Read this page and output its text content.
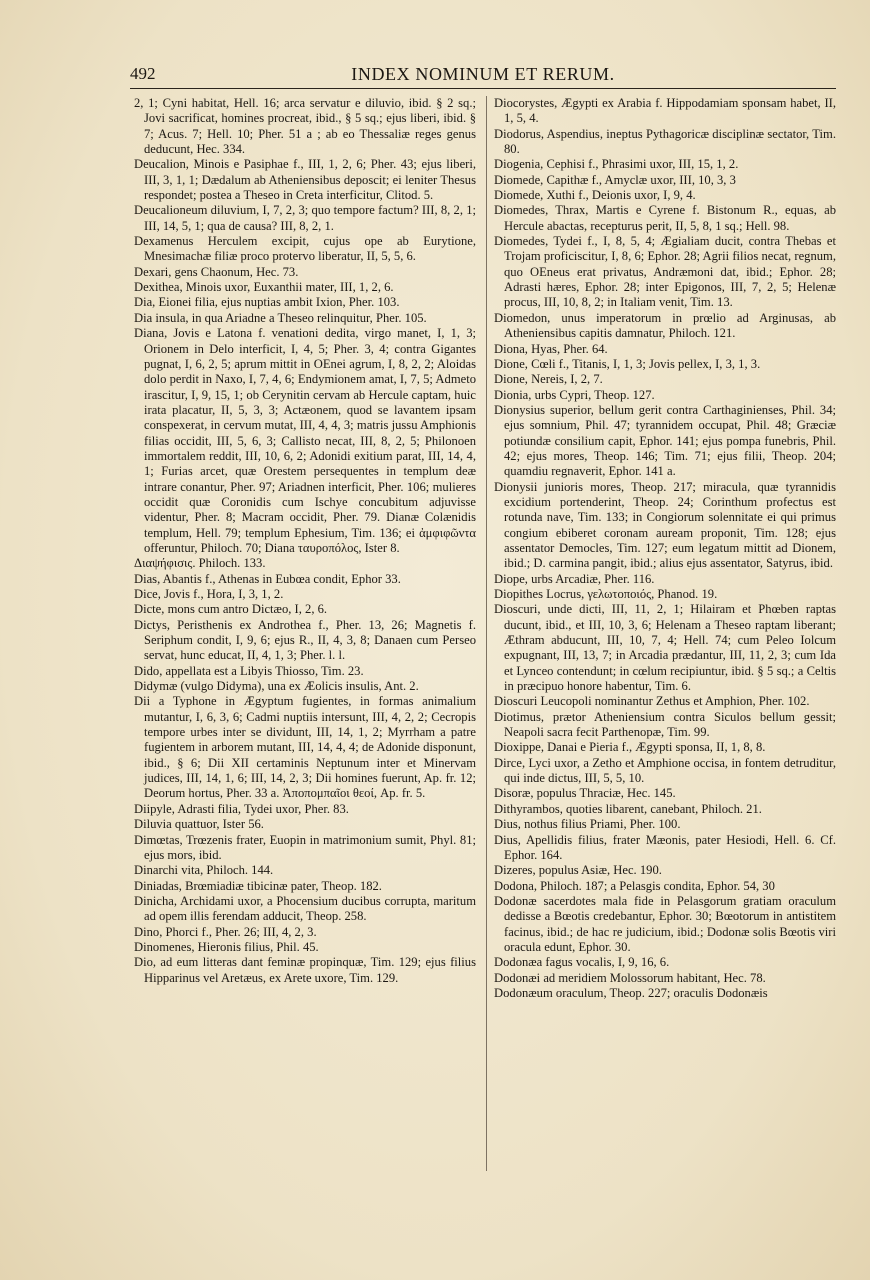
492	INDEX NOMINUM ET RERUM.

2, 1; Cyni habitat, Hell. 16; arca servatur e diluvio, ibid. § 2 sq.; Jovi sacrificat, homines procreat, ibid., § 5 sq.; ejus liberi, ibid. § 7; Acus. 7; Hell. 10; Pher. 51 a ; ab eo Thessaliæ reges genus deducunt, Hec. 334.

Deucalion, Minois e Pasiphae f., III, 1, 2, 6; Pher. 43; ejus liberi, III, 3, 1, 1; Dædalum ab Atheniensibus deposcit; ei leniter Thesus respondet; postea a Theseo in Creta interficitur, Clitod. 5.

Deucalioneum diluvium, I, 7, 2, 3; quo tempore factum? III, 8, 2, 1; III, 14, 5, 1; qua de causa? III, 8, 2, 1.

Dexamenus Herculem excipit, cujus ope ab Eurytione, Mnesimachæ filiæ proco protervo liberatur, II, 5, 5, 6.

Dexari, gens Chaonum, Hec. 73.

Dexithea, Minois uxor, Euxanthii mater, III, 1, 2, 6.

Dia, Eionei filia, ejus nuptias ambit Ixion, Pher. 103.

Dia insula, in qua Ariadne a Theseo relinquitur, Pher. 105.

Diana, Jovis e Latona f. venationi dedita, virgo manet, I, 1, 3; Orionem in Delo interficit, I, 4, 5; Pher. 3, 4; contra Gigantes pugnat, I, 6, 2, 5; aprum mittit in OEnei agrum, I, 8, 2, 2; Aloidas dolo perdit in Naxo, I, 7, 4, 6; Endymionem amat, I, 7, 5; Admeto irascitur, I, 9, 15, 1; ob Cerynitin cervam ab Hercule captam, huic irata placatur, II, 5, 3, 3; Actæonem, quod se lavantem ipsam conspexerat, in cervum mutat, III, 4, 4, 3; matris jussu Amphionis filias occidit, III, 5, 6, 3; Callisto necat, III, 8, 2, 5; Philonoen immortalem reddit, III, 10, 6, 2; Adonidi exitium parat, III, 14, 4, 1; Furias arcet, quæ Orestem persequentes in templum deæ intrare conantur, Pher. 97; Ariadnen interficit, Pher. 106; mulieres occidit quæ Coronidis cum Ischye concubitum adjuvisse videntur, Pher. 8; Macram occidit, Pher. 79. Dianæ Colænidis templum, Hell. 79; templum Ephesium, Tim. 136; ei ἀμφιφῶντα offeruntur, Philoch. 70; Diana ταυροπόλος, Ister 8.

Διαψήφισις. Philoch. 133.

Dias, Abantis f., Athenas in Eubœa condit, Ephor 33.

Dice, Jovis f., Hora, I, 3, 1, 2.

Dicte, mons cum antro Dictæo, I, 2, 6.

Dictys, Peristhenis ex Androthea f., Pher. 13, 26; Magnetis f. Seriphum condit, I, 9, 6; ejus R., II, 4, 3, 8; Danaen cum Perseo servat, hunc educat, II, 4, 1, 3; Pher. l. l.

Dido, appellata est a Libyis Thiosso, Tim. 23.

Didymæ (vulgo Didyma), una ex Æolicis insulis, Ant. 2.

Dii a Typhone in Ægyptum fugientes, in formas animalium mutantur, I, 6, 3, 6; Cadmi nuptiis intersunt, III, 4, 2, 2; Cecropis tempore urbes inter se dividunt, III, 14, 1, 2; Myrrham a patre fugientem in arborem mutant, III, 14, 4, 4; de Adonide disponunt, ibid., § 6; Dii XII certaminis Neptunum inter et Minervam judices, III, 14, 1, 6; III, 14, 2, 3; Dii homines fuerunt, Ap. fr. 12; Deorum hortus, Pher. 33 a. Ἀποπομπαῖοι θεοί, Ap. fr. 5.

Diipyle, Adrasti filia, Tydei uxor, Pher. 83.

Diluvia quattuor, Ister 56.

Dimœtas, Trœzenis frater, Euopin in matrimonium sumit, Phyl. 81; ejus mors, ibid.

Dinarchi vita, Philoch. 144.

Diniadas, Brœmiadiæ tibicinæ pater, Theop. 182.

Dinicha, Archidami uxor, a Phocensium ducibus corrupta, maritum ad opem illis ferendam adducit, Theop. 258.

Dino, Phorci f., Pher. 26; III, 4, 2, 3.

Dinomenes, Hieronis filius, Phil. 45.

Dio, ad eum litteras dant feminæ propinquæ, Tim. 129; ejus filius Hipparinus vel Aretæus, ex Arete uxore, Tim. 129.

Diocorystes, Ægypti ex Arabia f. Hippodamiam sponsam habet, II, 1, 5, 4.

Diodorus, Aspendius, ineptus Pythagoricæ disciplinæ sectator, Tim. 80.

Diogenia, Cephisi f., Phrasimi uxor, III, 15, 1, 2.

Diomede, Capithæ f., Amyclæ uxor, III, 10, 3, 3

Diomede, Xuthi f., Deionis uxor, I, 9, 4.

Diomedes, Thrax, Martis e Cyrene f. Bistonum R., equas, ab Hercule abactas, recepturus perit, II, 5, 8, 1 sq.; Hell. 98.

Diomedes, Tydei f., I, 8, 5, 4; Ægialiam ducit, contra Thebas et Trojam proficiscitur, I, 8, 6; Ephor. 28; Agrii filios necat, regnum, quo OEneus erat privatus, Andræmoni dat, ibid.; Ephor. 28; Adrasti hæres, Ephor. 28; inter Epigonos, III, 7, 2, 5; Helenæ procus, III, 10, 8, 2; in Italiam venit, Tim. 13.

Diomedon, unus imperatorum in prœlio ad Arginusas, ab Atheniensibus capitis damnatur, Philoch. 121.

Diona, Hyas, Pher. 64.

Dione, Cœli f., Titanis, I, 1, 3; Jovis pellex, I, 3, 1, 3.

Dione, Nereis, I, 2, 7.

Dionia, urbs Cypri, Theop. 127.

Dionysius superior, bellum gerit contra Carthaginienses, Phil. 34; ejus somnium, Phil. 47; tyrannidem occupat, Phil. 48; Græciæ potiundæ consilium capit, Ephor. 141; ejus pompa funebris, Phil. 42; ejus mores, Theop. 146; Tim. 71; ejus filii, Theop. 204; quamdiu regnaverit, Ephor. 141 a.

Dionysii junioris mores, Theop. 217; miracula, quæ tyrannidis excidium portenderint, Theop. 24; Corinthum profectus est rotunda nave, Tim. 133; in Congiorum solennitate ei qui primus congium ebiberet coronam auream proponit, Tim. 128; ejus assentator Democles, Tim. 127; eum legatum mittit ad Dionem, ibid.; D. carmina pangit, ibid.; alius ejus assentator, Satyrus, ibid.

Diope, urbs Arcadiæ, Pher. 116.

Diopithes Locrus, γελωτοποιός, Phanod. 19.

Dioscuri, unde dicti, III, 11, 2, 1; Hilairam et Phœben raptas ducunt, ibid., et III, 10, 3, 6; Helenam a Theseo raptam liberant; Æthram abducunt, III, 10, 7, 4; Hell. 74; cum Peleo Iolcum expugnant, III, 13, 7; in Arcadia prædantur, III, 11, 2, 3; cum Ida et Lynceo contendunt; in cœlum recipiuntur, ibid. § 5 sq.; a Celtis in præcipuo honore habentur, Tim. 6.

Dioscuri Leucopoli nominantur Zethus et Amphion, Pher. 102.

Diotimus, prætor Atheniensium contra Siculos bellum gessit; Neapoli sacra fecit Parthenopæ, Tim. 99.

Dioxippe, Danai e Pieria f., Ægypti sponsa, II, 1, 8, 8.

Dirce, Lyci uxor, a Zetho et Amphione occisa, in fontem detruditur, qui inde dictus, III, 5, 5, 10.

Disoræ, populus Thraciæ, Hec. 145.

Dithyrambos, quoties libarent, canebant, Philoch. 21.

Dius, nothus filius Priami, Pher. 100.

Dius, Apellidis filius, frater Mæonis, pater Hesiodi, Hell. 6. Cf. Ephor. 164.

Dizeres, populus Asiæ, Hec. 190.

Dodona, Philoch. 187; a Pelasgis condita, Ephor. 54, 30

Dodonæ sacerdotes mala fide in Pelasgorum gratiam oraculum dedisse a Bœotis credebantur, Ephor. 30; Bœotorum in antistitem facinus, ibid.; de hac re judicium, ibid.; Dodonæ solis Bœotis viri oracula edunt, Ephor. 30.

Dodonæa fagus vocalis, I, 9, 16, 6.

Dodonæi ad meridiem Molossorum habitant, Hec. 78.

Dodonæum oraculum, Theop. 227; oraculis Dodonæis
